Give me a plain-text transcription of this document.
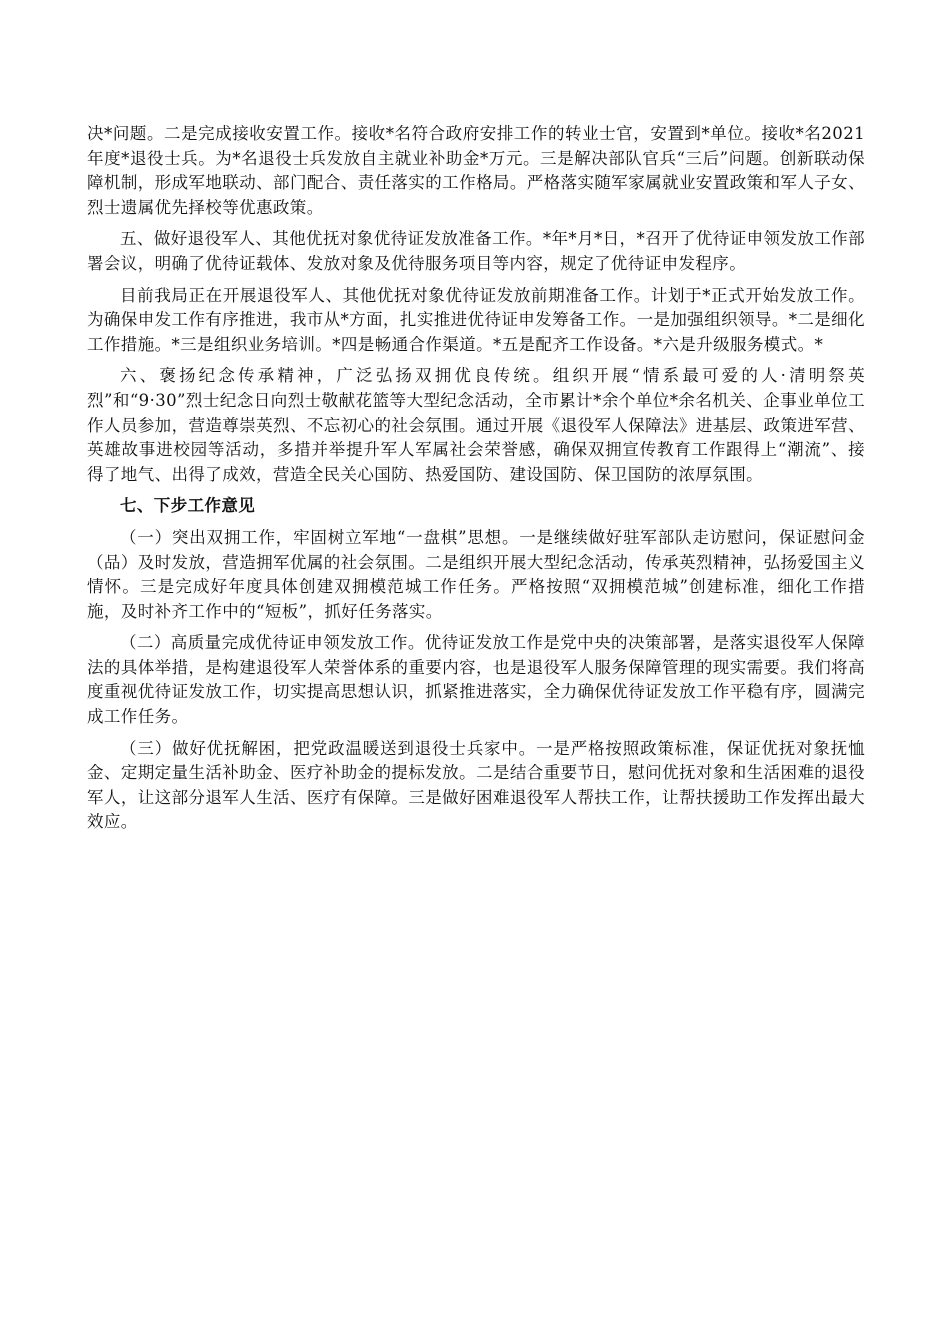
决*问题。二是完成接收安置工作。接收*名符合政府安排工作的转业士官，安置到*单位。接收*名2021年度*退役士兵。为*名退役士兵发放自主就业补助金*万元。三是解决部队官兵“三后”问题。创新联动保障机制，形成军地联动、部门配合、责任落实的工作格局。严格落实随军家属就业安置政策和军人子女、烈士遗属优先择校等优惠政策。

五、做好退役军人、其他优抚对象优待证发放准备工作。*年*月*日，*召开了优待证申领发放工作部署会议，明确了优待证载体、发放对象及优待服务项目等内容，规定了优待证申发程序。

目前我局正在开展退役军人、其他优抚对象优待证发放前期准备工作。计划于*正式开始发放工作。为确保申发工作有序推进，我市从*方面，扎实推进优待证申发筹备工作。一是加强组织领导。*二是细化工作措施。*三是组织业务培训。*四是畅通合作渠道。*五是配齐工作设备。*六是升级服务模式。*

六、褒扬纪念传承精神，广泛弘扬双拥优良传统。组织开展“情系最可爱的人·清明祭英烈”和“9·30”烈士纪念日向烈士敬献花篮等大型纪念活动，全市累计*余个单位*余名机关、企事业单位工作人员参加，营造尊崇英烈、不忘初心的社会氛围。通过开展《退役军人保障法》进基层、政策进军营、英雄故事进校园等活动，多措并举提升军人军属社会荣誉感，确保双拥宣传教育工作跟得上“潮流”、接得了地气、出得了成效，营造全民关心国防、热爱国防、建设国防、保卫国防的浓厚氛围。

七、下步工作意见

（一）突出双拥工作，牢固树立军地“一盘棋”思想。一是继续做好驻军部队走访慰问，保证慰问金（品）及时发放，营造拥军优属的社会氛围。二是组织开展大型纪念活动，传承英烈精神，弘扬爱国主义情怀。三是完成好年度具体创建双拥模范城工作任务。严格按照“双拥模范城”创建标准，细化工作措施，及时补齐工作中的“短板”，抓好任务落实。

（二）高质量完成优待证申领发放工作。优待证发放工作是党中央的决策部署，是落实退役军人保障法的具体举措，是构建退役军人荣誉体系的重要内容，也是退役军人服务保障管理的现实需要。我们将高度重视优待证发放工作，切实提高思想认识，抓紧推进落实，全力确保优待证发放工作平稳有序，圆满完成工作任务。

（三）做好优抚解困，把党政温暖送到退役士兵家中。一是严格按照政策标准，保证优抚对象抚恤金、定期定量生活补助金、医疗补助金的提标发放。二是结合重要节日，慰问优抚对象和生活困难的退役军人，让这部分退军人生活、医疗有保障。三是做好困难退役军人帮扶工作，让帮扶援助工作发挥出最大效应。
